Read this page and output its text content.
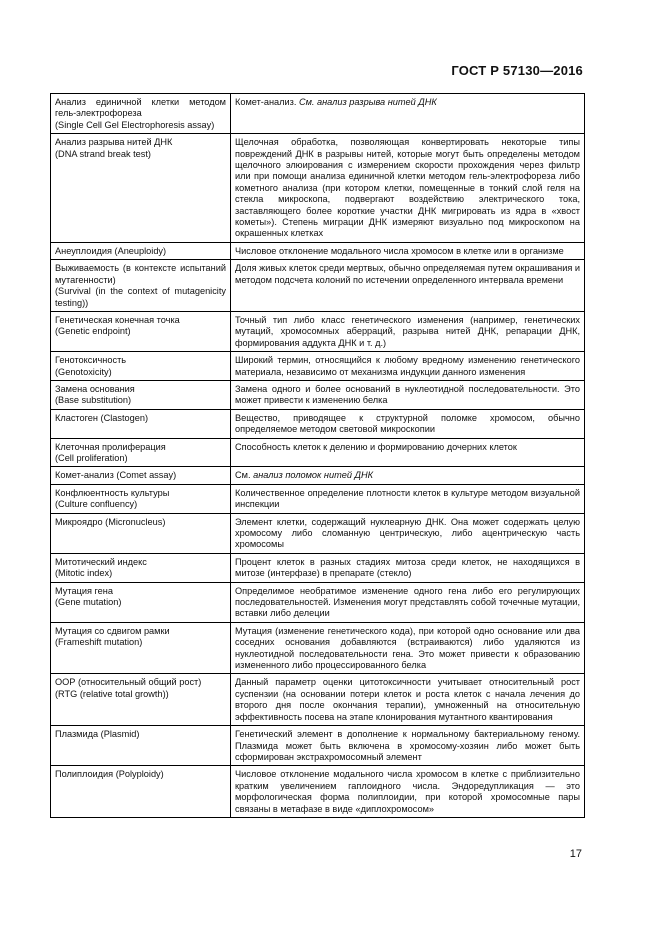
ГОСТ Р 57130—2016
Анализ единичной клетки методом гель-электрофореза
(Single Cell Gel Electrophoresis assay)	Комет-анализ. См. анализ разрыва нитей ДНК

Анализ разрыва нитей ДНК
(DNA strand break test)	Щелочная обработка, позволяющая конвертировать некоторые типы повреждений ДНК в разрывы нитей, которые могут быть определены методом щелочного элюирования с измерением скорости прохождения через фильтр или при помощи анализа единичной клетки методом гель-электрофореза либо кометного анализа (при котором клетки, помещенные в тонкий слой геля на стекла микроскопа, подвергают воздействию электрического тока, заставляющего более короткие участки ДНК мигрировать из ядра в «хвост кометы»). Степень миграции ДНК измеряют визуально под микроскопом на окрашенных клетках

Анеуплоидия (Aneuploidy)	Числовое отклонение модального числа хромосом в клетке или в организме

Выживаемость (в контексте испытаний мутагенности)
(Survival (in the context of mutagenicity testing))	Доля живых клеток среди мертвых, обычно определяемая путем окрашивания и методом подсчета колоний по истечении определенного интервала времени

Генетическая конечная точка
(Genetic endpoint)	Точный тип либо класс генетического изменения (например, генетических мутаций, хромосомных аберраций, разрыва нитей ДНК, репарации ДНК, формирования аддукта ДНК и т. д.)

Генотоксичность
(Genotoxicity)	Широкий термин, относящийся к любому вредному изменению генетического материала, независимо от механизма индукции данного изменения

Замена основания
(Base substitution)	Замена одного и более оснований в нуклеотидной последовательности. Это может привести к изменению белка

Кластоген (Clastogen)	Вещество, приводящее к структурной поломке хромосом, обычно определяемое методом световой микроскопии

Клеточная пролиферация
(Cell proliferation)	Способность клеток к делению и формированию дочерних клеток

Комет-анализ (Comet assay)	См. анализ поломок нитей ДНК

Конфлюентность культуры
(Culture confluency)	Количественное определение плотности клеток в культуре методом визуальной инспекции

Микроядро (Micronucleus)	Элемент клетки, содержащий нуклеарную ДНК. Она может содержать целую хромосому либо сломанную центрическую, либо ацентрическую часть хромосомы

Митотический индекс
(Mitotic index)	Процент клеток в разных стадиях митоза среди клеток, не находящихся в митозе (интерфазе) в препарате (стекло)

Мутация гена
(Gene mutation)	Определимое необратимое изменение одного гена либо его регулирующих последовательностей. Изменения могут представлять собой точечные мутации, вставки либо делеции

Мутация со сдвигом рамки
(Frameshift mutation)	Мутация (изменение генетического кода), при которой одно основание или два соседних основания добавляются (встраиваются) либо удаляются из нуклеотидной последовательности гена. Это может привести к образованию измененного либо процессированного белка

ООР (относительный общий рост)
(RTG (relative total growth))	Данный параметр оценки цитотоксичности учитывает относительный рост суспензии (на основании потери клеток и роста клеток с начала лечения до второго дня после окончания терапии), умноженный на относительную эффективность посева на этапе клонирования мутантного квантирования

Плазмида (Plasmid)	Генетический элемент в дополнение к нормальному бактериальному геному. Плазмида может быть включена в хромосому-хозяин либо может быть сформирован экстрахромосомный элемент

Полиплоидия (Polyploidy)	Числовое отклонение модального числа хромосом в клетке с приблизительно кратким увеличением гаплоидного числа. Эндоредупликация — это морфологическая форма полиплоидии, при которой хромосомные пары связаны в метафазе в виде «диплохромосом»
17
